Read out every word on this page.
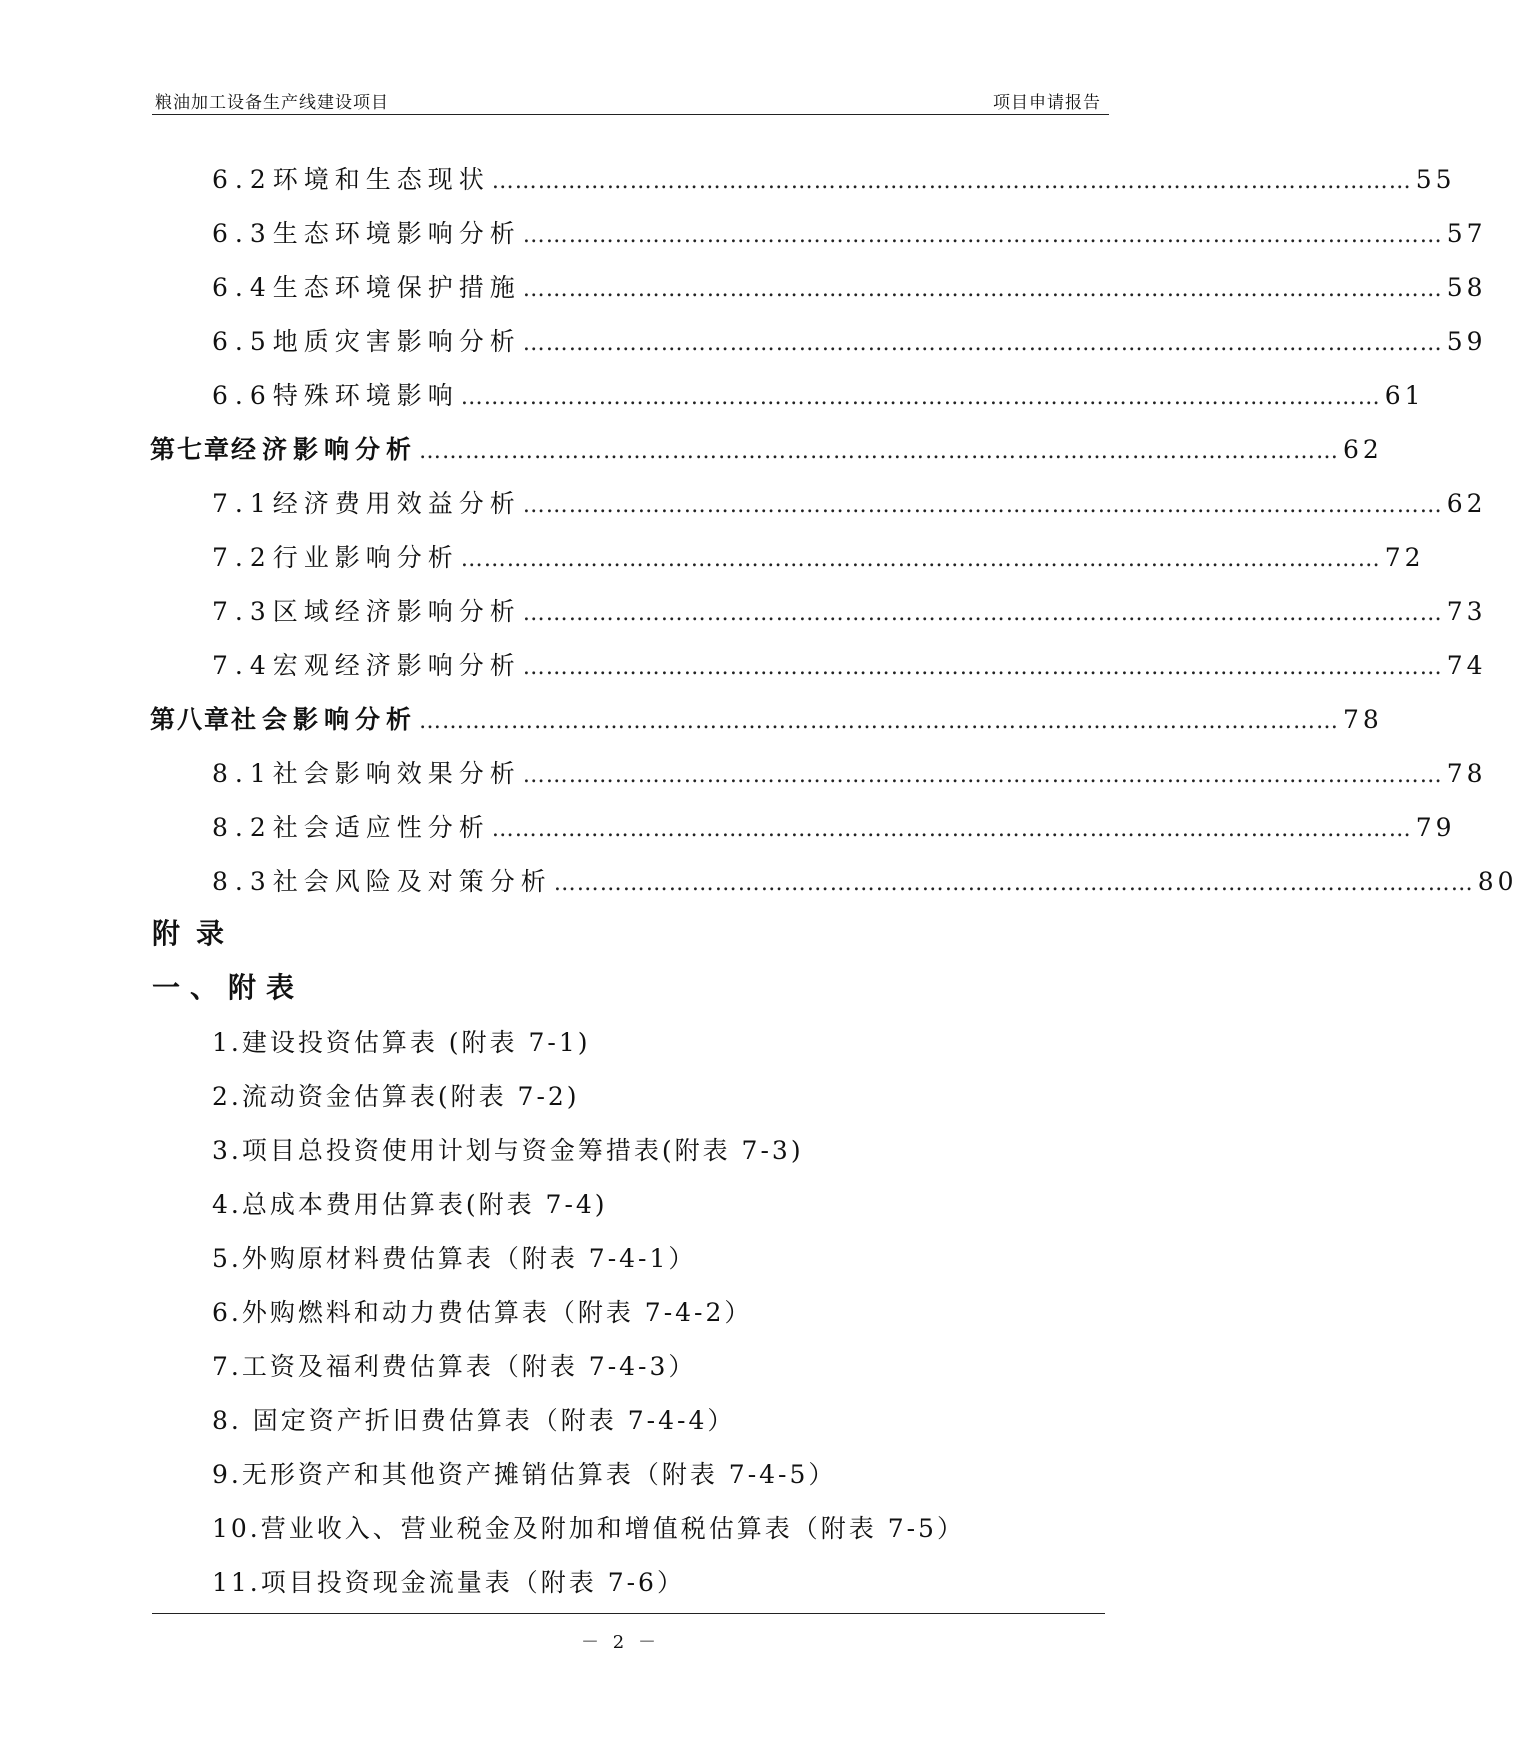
粮油加工设备生产线建设项目	项目申请报告
6.2 环境和生态现状 ………………………………………………………………………………………………………… 55
6.3 生态环境影响分析 ………………………………………………………………………………………………………… 57
6.4 生态环境保护措施 ………………………………………………………………………………………………………… 58
6.5 地质灾害影响分析 ………………………………………………………………………………………………………… 59
6.6 特殊环境影响 ………………………………………………………………………………………………………… 61
第七章 经济影响分析 ………………………………………………………………………………………………………… 62
7.1 经济费用效益分析 ………………………………………………………………………………………………………… 62
7.2 行业影响分析 ………………………………………………………………………………………………………… 72
7.3 区域经济影响分析 ………………………………………………………………………………………………………… 73
7.4 宏观经济影响分析 ………………………………………………………………………………………………………… 74
第八章 社会影响分析 ………………………………………………………………………………………………………… 78
8.1 社会影响效果分析 ………………………………………………………………………………………………………… 78
8.2 社会适应性分析 ………………………………………………………………………………………………………… 79
8.3 社会风险及对策分析 ………………………………………………………………………………………………………… 80
附录
一、附表
1.建设投资估算表 (附表 7-1)
2.流动资金估算表(附表 7-2)
3.项目总投资使用计划与资金筹措表(附表 7-3)
4.总成本费用估算表(附表 7-4)
5.外购原材料费估算表（附表 7-4-1）
6.外购燃料和动力费估算表（附表 7-4-2）
7.工资及福利费估算表（附表 7-4-3）
8. 固定资产折旧费估算表（附表 7-4-4）
9.无形资产和其他资产摊销估算表（附表 7-4-5）
10.营业收入、营业税金及附加和增值税估算表（附表 7-5）
11.项目投资现金流量表（附表 7-6）
－ 2 －
